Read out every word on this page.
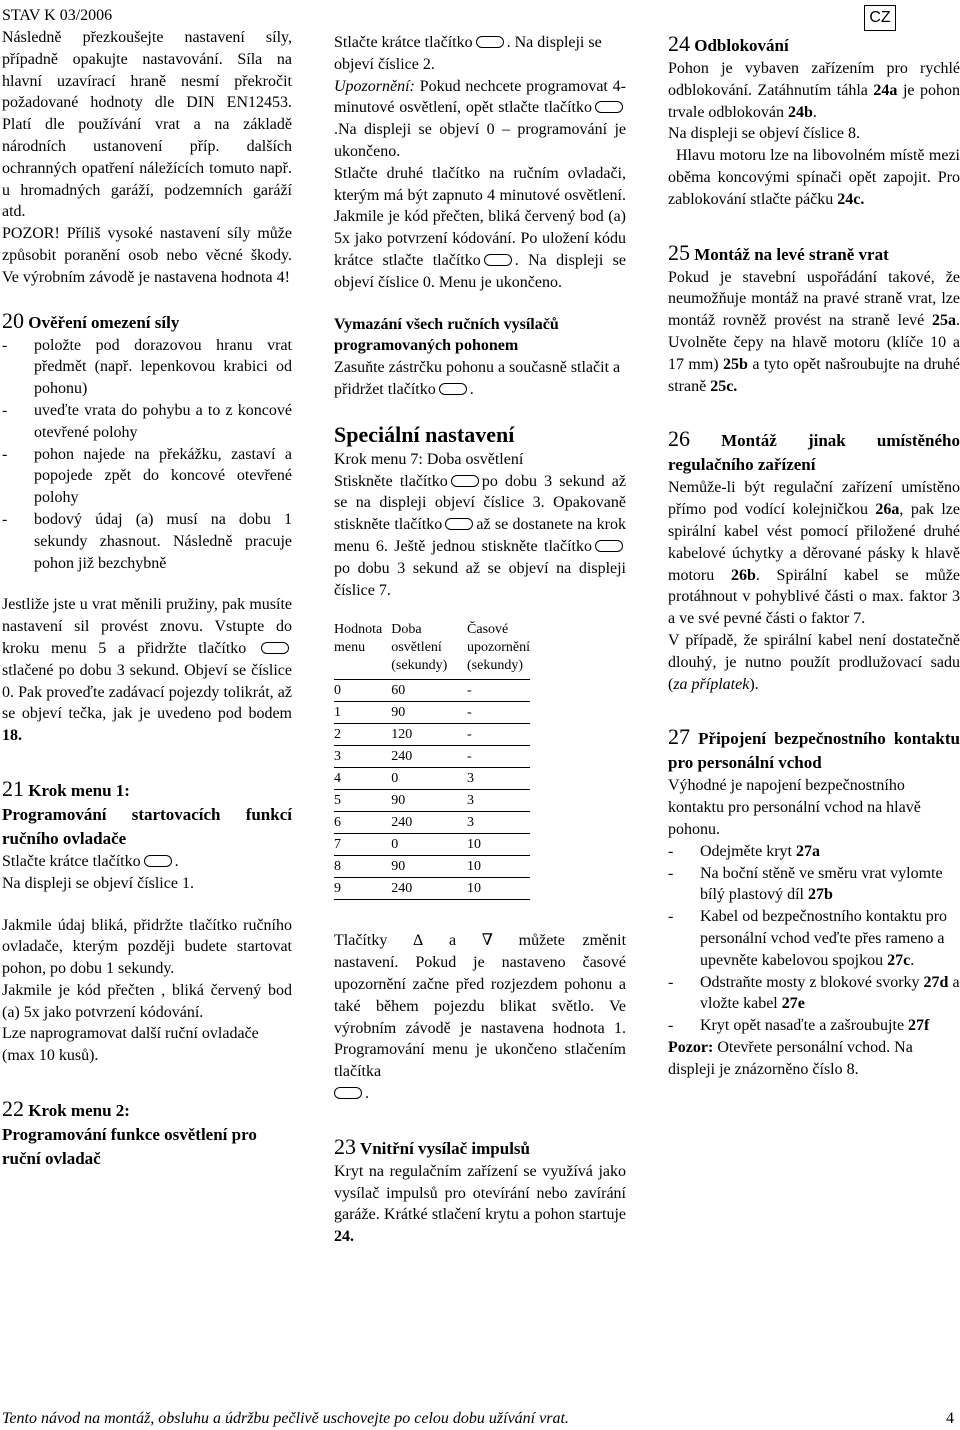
STAV K 03/2006	CZ

Následně přezkoušejte nastavení síly, případně opakujte nastavování. Síla na hlavní uzavírací hraně nesmí překročit požadované hodnoty dle DIN EN12453. Platí dle používání vrat a na základě národních ustanovení příp. dalších ochranných opatření náležících tomuto např. u hromadných garáží, podzemních garáží atd.

POZOR! Příliš vysoké nastavení síly může způsobit poranění osob nebo věcné škody. Ve výrobním závodě je nastavena hodnota 4!

20 Ověření omezení síly
- položte pod dorazovou hranu vrat předmět (např. lepenkovou krabici od pohonu)
- uveďte vrata do pohybu a to z koncové otevřené polohy
- pohon najede na překážku, zastaví a popojede zpět do koncové otevřené polohy
- bodový údaj (a) musí na dobu 1 sekundy zhasnout. Následně pracuje pohon již bezchybně

Jestliže jste u vrat měnili pružiny, pak musíte nastavení sil provést znovu. Vstupte do kroku menu 5 a přidržte tlačítko  stlačené po dobu 3 sekund. Objeví se číslice 0. Pak proveďte zadávací pojezdy tolikrát, až se objeví tečka, jak je uvedeno pod bodem 18.

21 Krok menu 1:

Programování startovacích funkcí ručního ovladače

Stlačte krátce tlačítko .

Na displeji se objeví číslice 1.

Jakmile údaj bliká, přidržte tlačítko ručního ovladače, kterým později budete startovat pohon, po dobu 1 sekundy.

Jakmile je kód přečten , bliká červený bod (a) 5x jako potvrzení kódování.

Lze naprogramovat další ruční ovladače (max 10 kusů).

22 Krok menu 2:
Programování funkce osvětlení pro ruční ovladač

Stlačte krátce tlačítko . Na displeji se objeví číslice 2.

Upozornění: Pokud nechcete programovat 4-minutové osvětlení, opět stlačte tlačítko.Na displeji se objeví 0 – programování je ukončeno.

Stlačte druhé tlačítko na ručním ovladači, kterým má být zapnuto 4 minutové osvětlení. Jakmile je kód přečten, bliká červený bod (a) 5x jako potvrzení kódování. Po uložení kódu krátce stlačte tlačítko . Na displeji se objeví číslice 0. Menu je ukončeno.

Vymazání všech ručních vysílačů programovaných pohonem

Zasuňte zástrčku pohonu a současně stlačit a přidržet tlačítko .

Speciální nastavení

Krok menu 7: Doba osvětlení

Stiskněte tlačítko po dobu 3 sekund až se na displeji objeví číslice 3. Opakovaně stiskněte tlačítko až se dostanete na krok menu 6. Ještě jednou stiskněte tlačítkopo dobu 3 sekund až se objeví na displeji číslice 7.

Hodnota menu	Doba osvětlení (sekundy)	Časové upozornění (sekundy)
0	60	-
1	90	-
2	120	-
3	240	-
4	0	3
5	90	3
6	240	3
7	0	10
8	90	10
9	240	10

Tlačítky Δ a ∇ můžete změnit nastavení. Pokud je nastaveno časové upozornění začne před rozjezdem pohonu a také během pojezdu blikat světlo. Ve výrobním závodě je nastavena hodnota 1. Programování menu je ukončeno stlačením tlačítka
.

23 Vnitřní vysílač impulsů

Kryt na regulačním zařízení se využívá jako vysílač impulsů pro otevírání nebo zavírání garáže. Krátké stlačení krytu a pohon startuje 24.

24 Odblokování

Pohon je vybaven zařízením pro rychlé odblokování. Zatáhnutím táhla 24a je pohon trvale odblokován 24b.

Na displeji se objeví číslice 8.

Hlavu motoru lze na libovolném místě mezi oběma koncovými spínači opět zapojit. Pro zablokování stlačte páčku 24c.

25 Montáž na levé straně vrat

Pokud je stavební uspořádání takové, že neumožňuje montáž na pravé straně vrat, lze montáž rovněž provést na straně levé 25a. Uvolněte čepy na hlavě motoru (klíče 10 a 17 mm) 25b a tyto opět našroubujte na druhé straně 25c.

26 Montáž jinak umístěného regulačního zařízení

Nemůže-li být regulační zařízení umístěno přímo pod vodící kolejničkou 26a, pak lze spirální kabel vést pomocí přiložené druhé kabelové úchytky a děrované pásky k hlavě motoru 26b. Spirální kabel se může protáhnout v pohyblivé části o max. faktor 3 a ve své pevné části o faktor 7.

V případě, že spirální kabel není dostatečně dlouhý, je nutno použít prodlužovací sadu (za příplatek).

27 Připojení bezpečnostního kontaktu pro personální vchod

Výhodné je napojení bezpečnostního kontaktu pro personální vchod na hlavě pohonu.

- Odejměte kryt 27a
- Na boční stěně ve směru vrat vylomte bílý plastový díl 27b
- Kabel od bezpečnostního kontaktu pro personální vchod veďte přes rameno a upevněte kabelovou spojkou 27c.
- Odstraňte mosty z blokové svorky 27d a vložte kabel 27e
- Kryt opět nasaďte a zašroubujte 27f

Pozor: Otevřete personální vchod. Na displeji je znázorněno číslo 8.

Tento návod na montáž, obsluhu a údržbu pečlivě uschovejte po celou dobu užívání vrat.	4
